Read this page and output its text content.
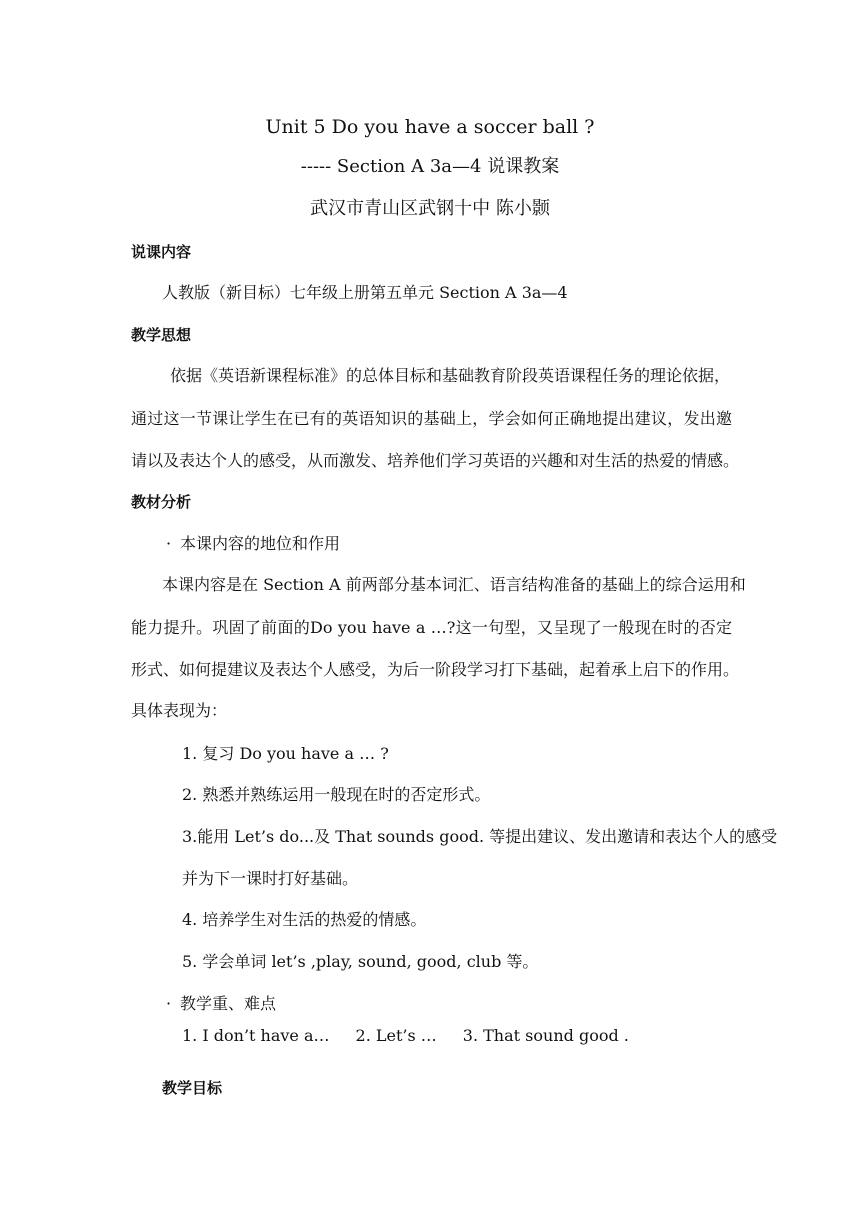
Unit 5 Do you have a soccer ball ?
----- Section A 3a—4 说课教案
武汉市青山区武钢十中 陈小颢
说课内容
人教版（新目标）七年级上册第五单元 Section A 3a—4
教学思想
依据《英语新课程标准》的总体目标和基础教育阶段英语课程任务的理论依据，
通过这一节课让学生在已有的英语知识的基础上，学会如何正确地提出建议，发出邀
请以及表达个人的感受，从而激发、培养他们学习英语的兴趣和对生活的热爱的情感。
教材分析
· 本课内容的地位和作用
本课内容是在 Section A 前两部分基本词汇、语言结构准备的基础上的综合运用和
能力提升。巩固了前面的Do you have a …?这一句型，又呈现了一般现在时的否定
形式、如何提建议及表达个人感受，为后一阶段学习打下基础，起着承上启下的作用。
具体表现为：
1. 复习 Do you have a … ?
2. 熟悉并熟练运用一般现在时的否定形式。
3.能用 Let’s do...及 That sounds good. 等提出建议、发出邀请和表达个人的感受
并为下一课时打好基础。
4. 培养学生对生活的热爱的情感。
5. 学会单词 let’s ,play, sound, good, club 等。
· 教学重、难点
1. I don’t have a… 2. Let’s … 3. That sound good .
教学目标
